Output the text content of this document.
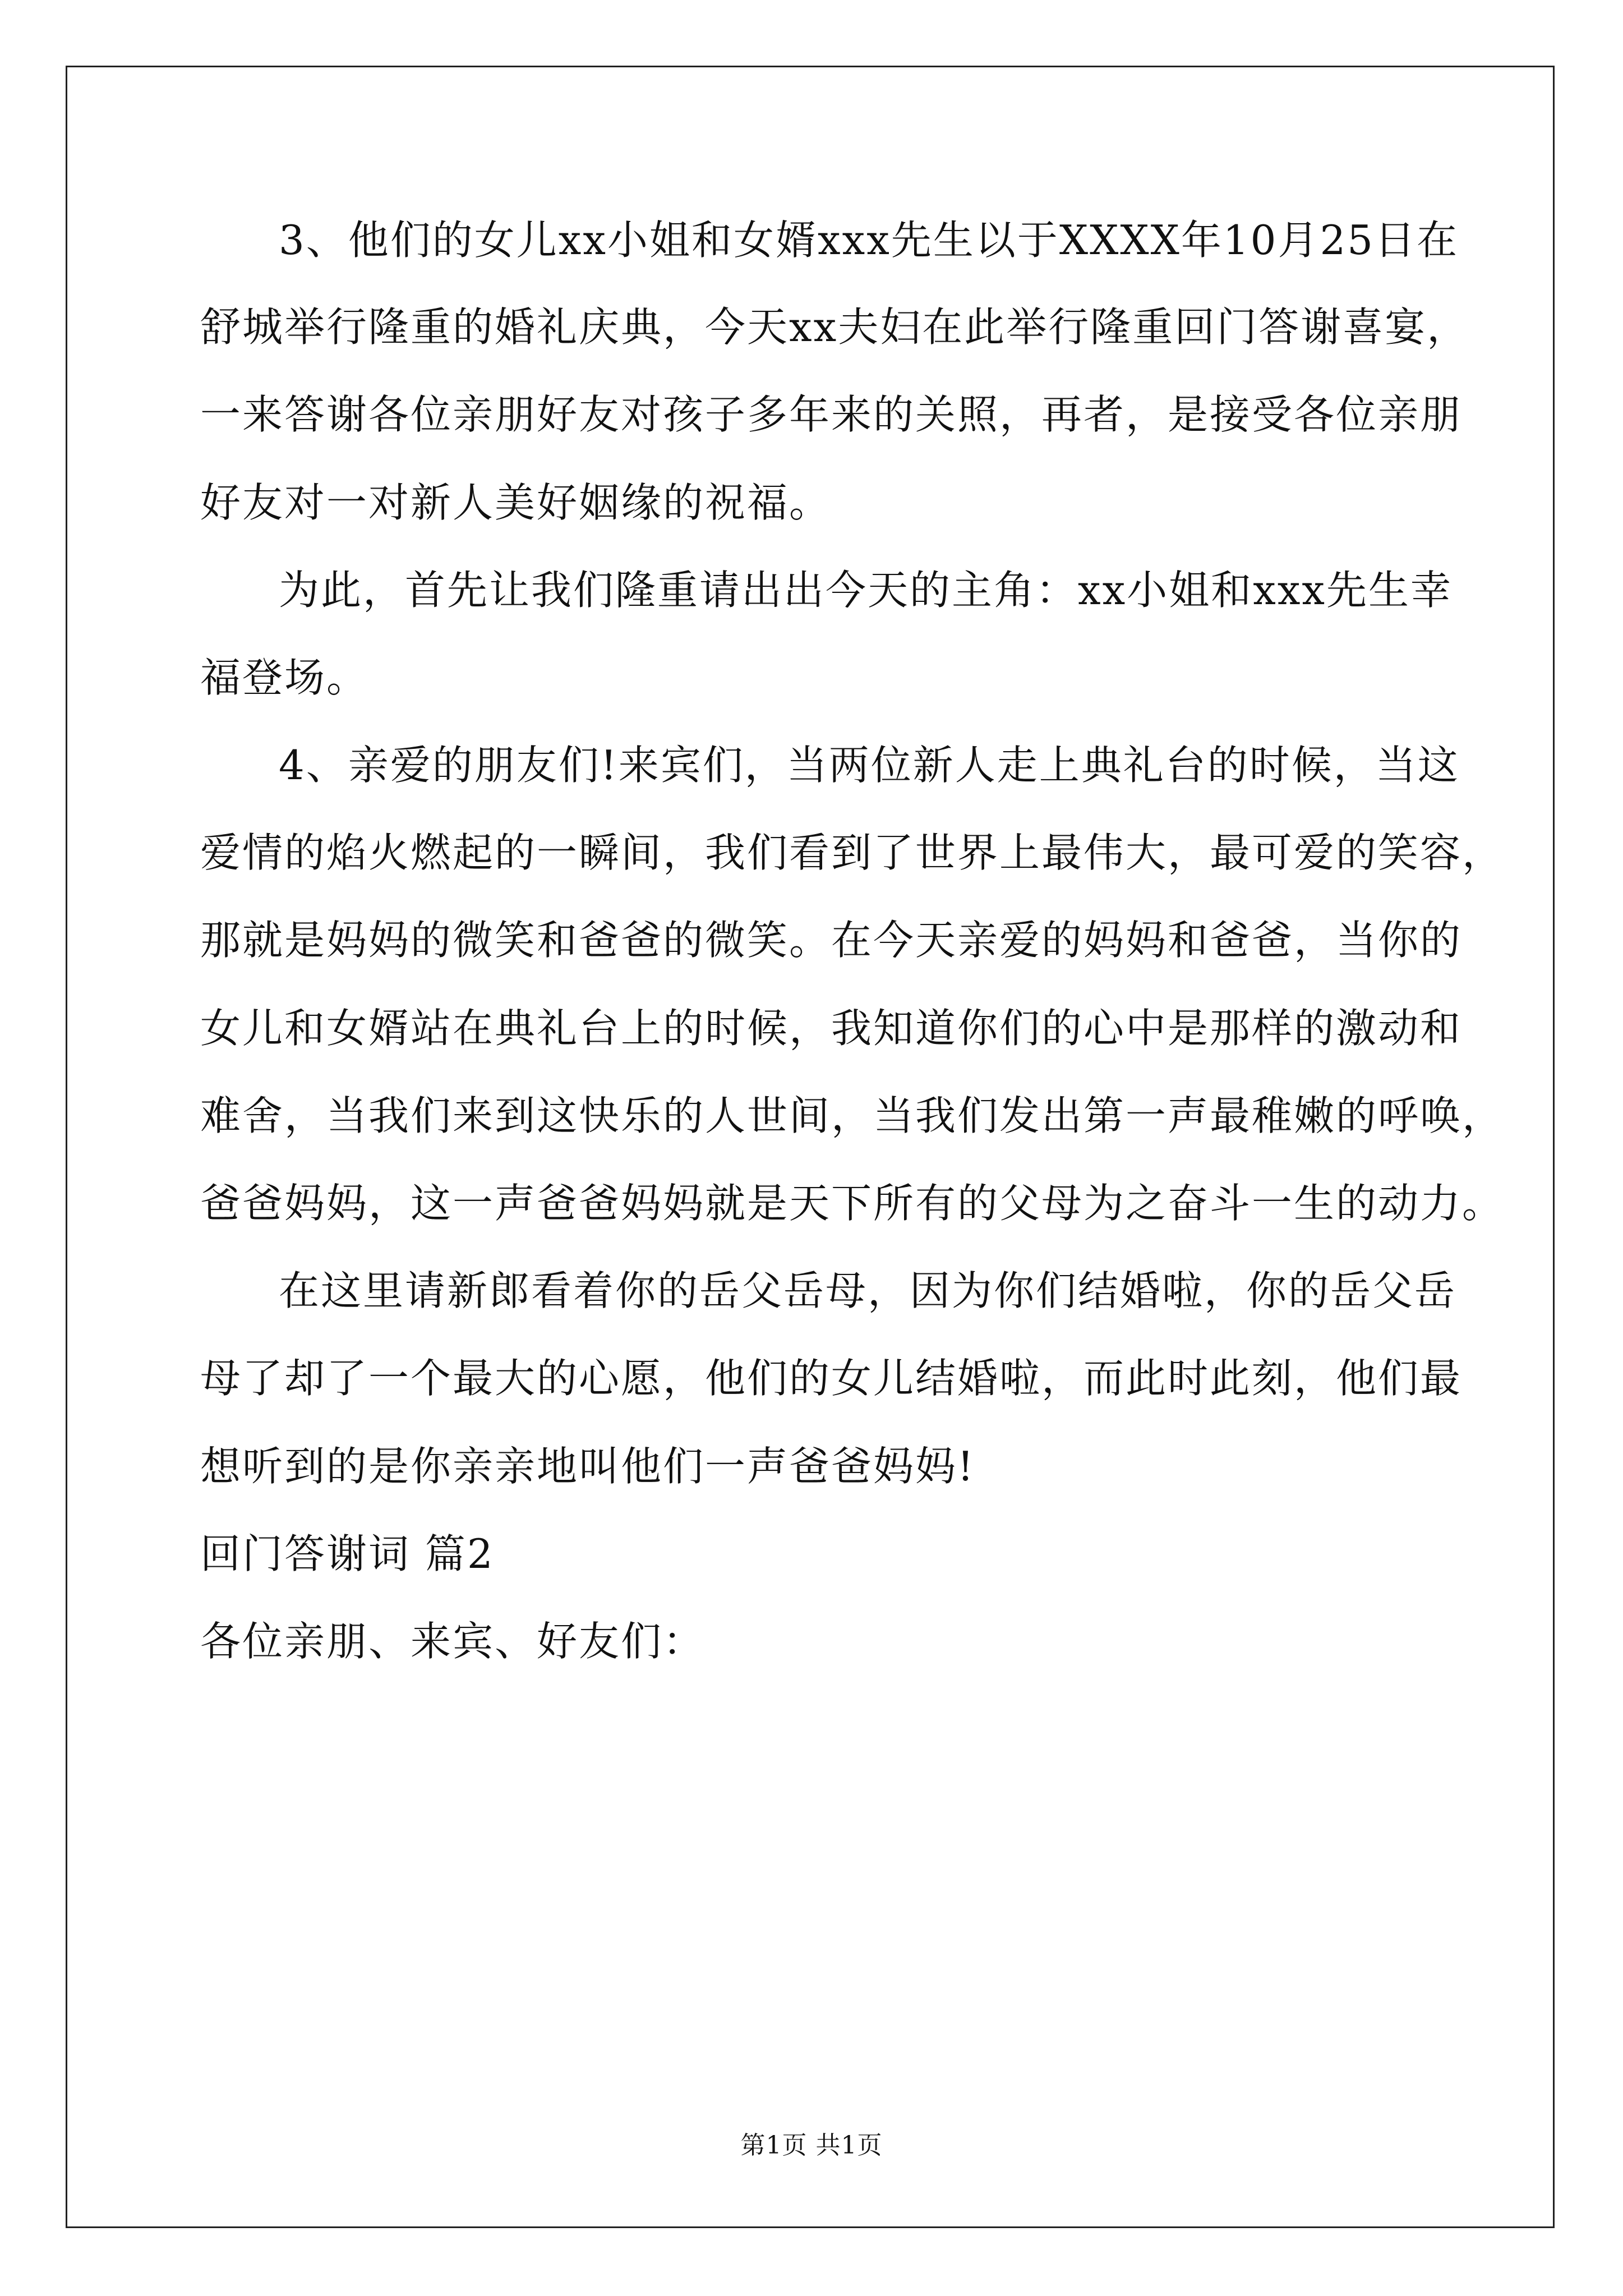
3、他们的女儿xx小姐和女婿xxx先生以于XXXX年10月25日在
舒城举行隆重的婚礼庆典，今天xx夫妇在此举行隆重回门答谢喜宴，
一来答谢各位亲朋好友对孩子多年来的关照，再者，是接受各位亲朋
好友对一对新人美好姻缘的祝福。
为此，首先让我们隆重请出出今天的主角：xx小姐和xxx先生幸
福登场。
4、亲爱的朋友们!来宾们，当两位新人走上典礼台的时候，当这
爱情的焰火燃起的一瞬间，我们看到了世界上最伟大，最可爱的笑容，
那就是妈妈的微笑和爸爸的微笑。在今天亲爱的妈妈和爸爸，当你的
女儿和女婿站在典礼台上的时候，我知道你们的心中是那样的激动和
难舍，当我们来到这快乐的人世间，当我们发出第一声最稚嫩的呼唤，
爸爸妈妈，这一声爸爸妈妈就是天下所有的父母为之奋斗一生的动力。
在这里请新郎看着你的岳父岳母，因为你们结婚啦，你的岳父岳
母了却了一个最大的心愿，他们的女儿结婚啦，而此时此刻，他们最
想听到的是你亲亲地叫他们一声爸爸妈妈!
回门答谢词 篇2
各位亲朋、来宾、好友们：
第1页 共1页
